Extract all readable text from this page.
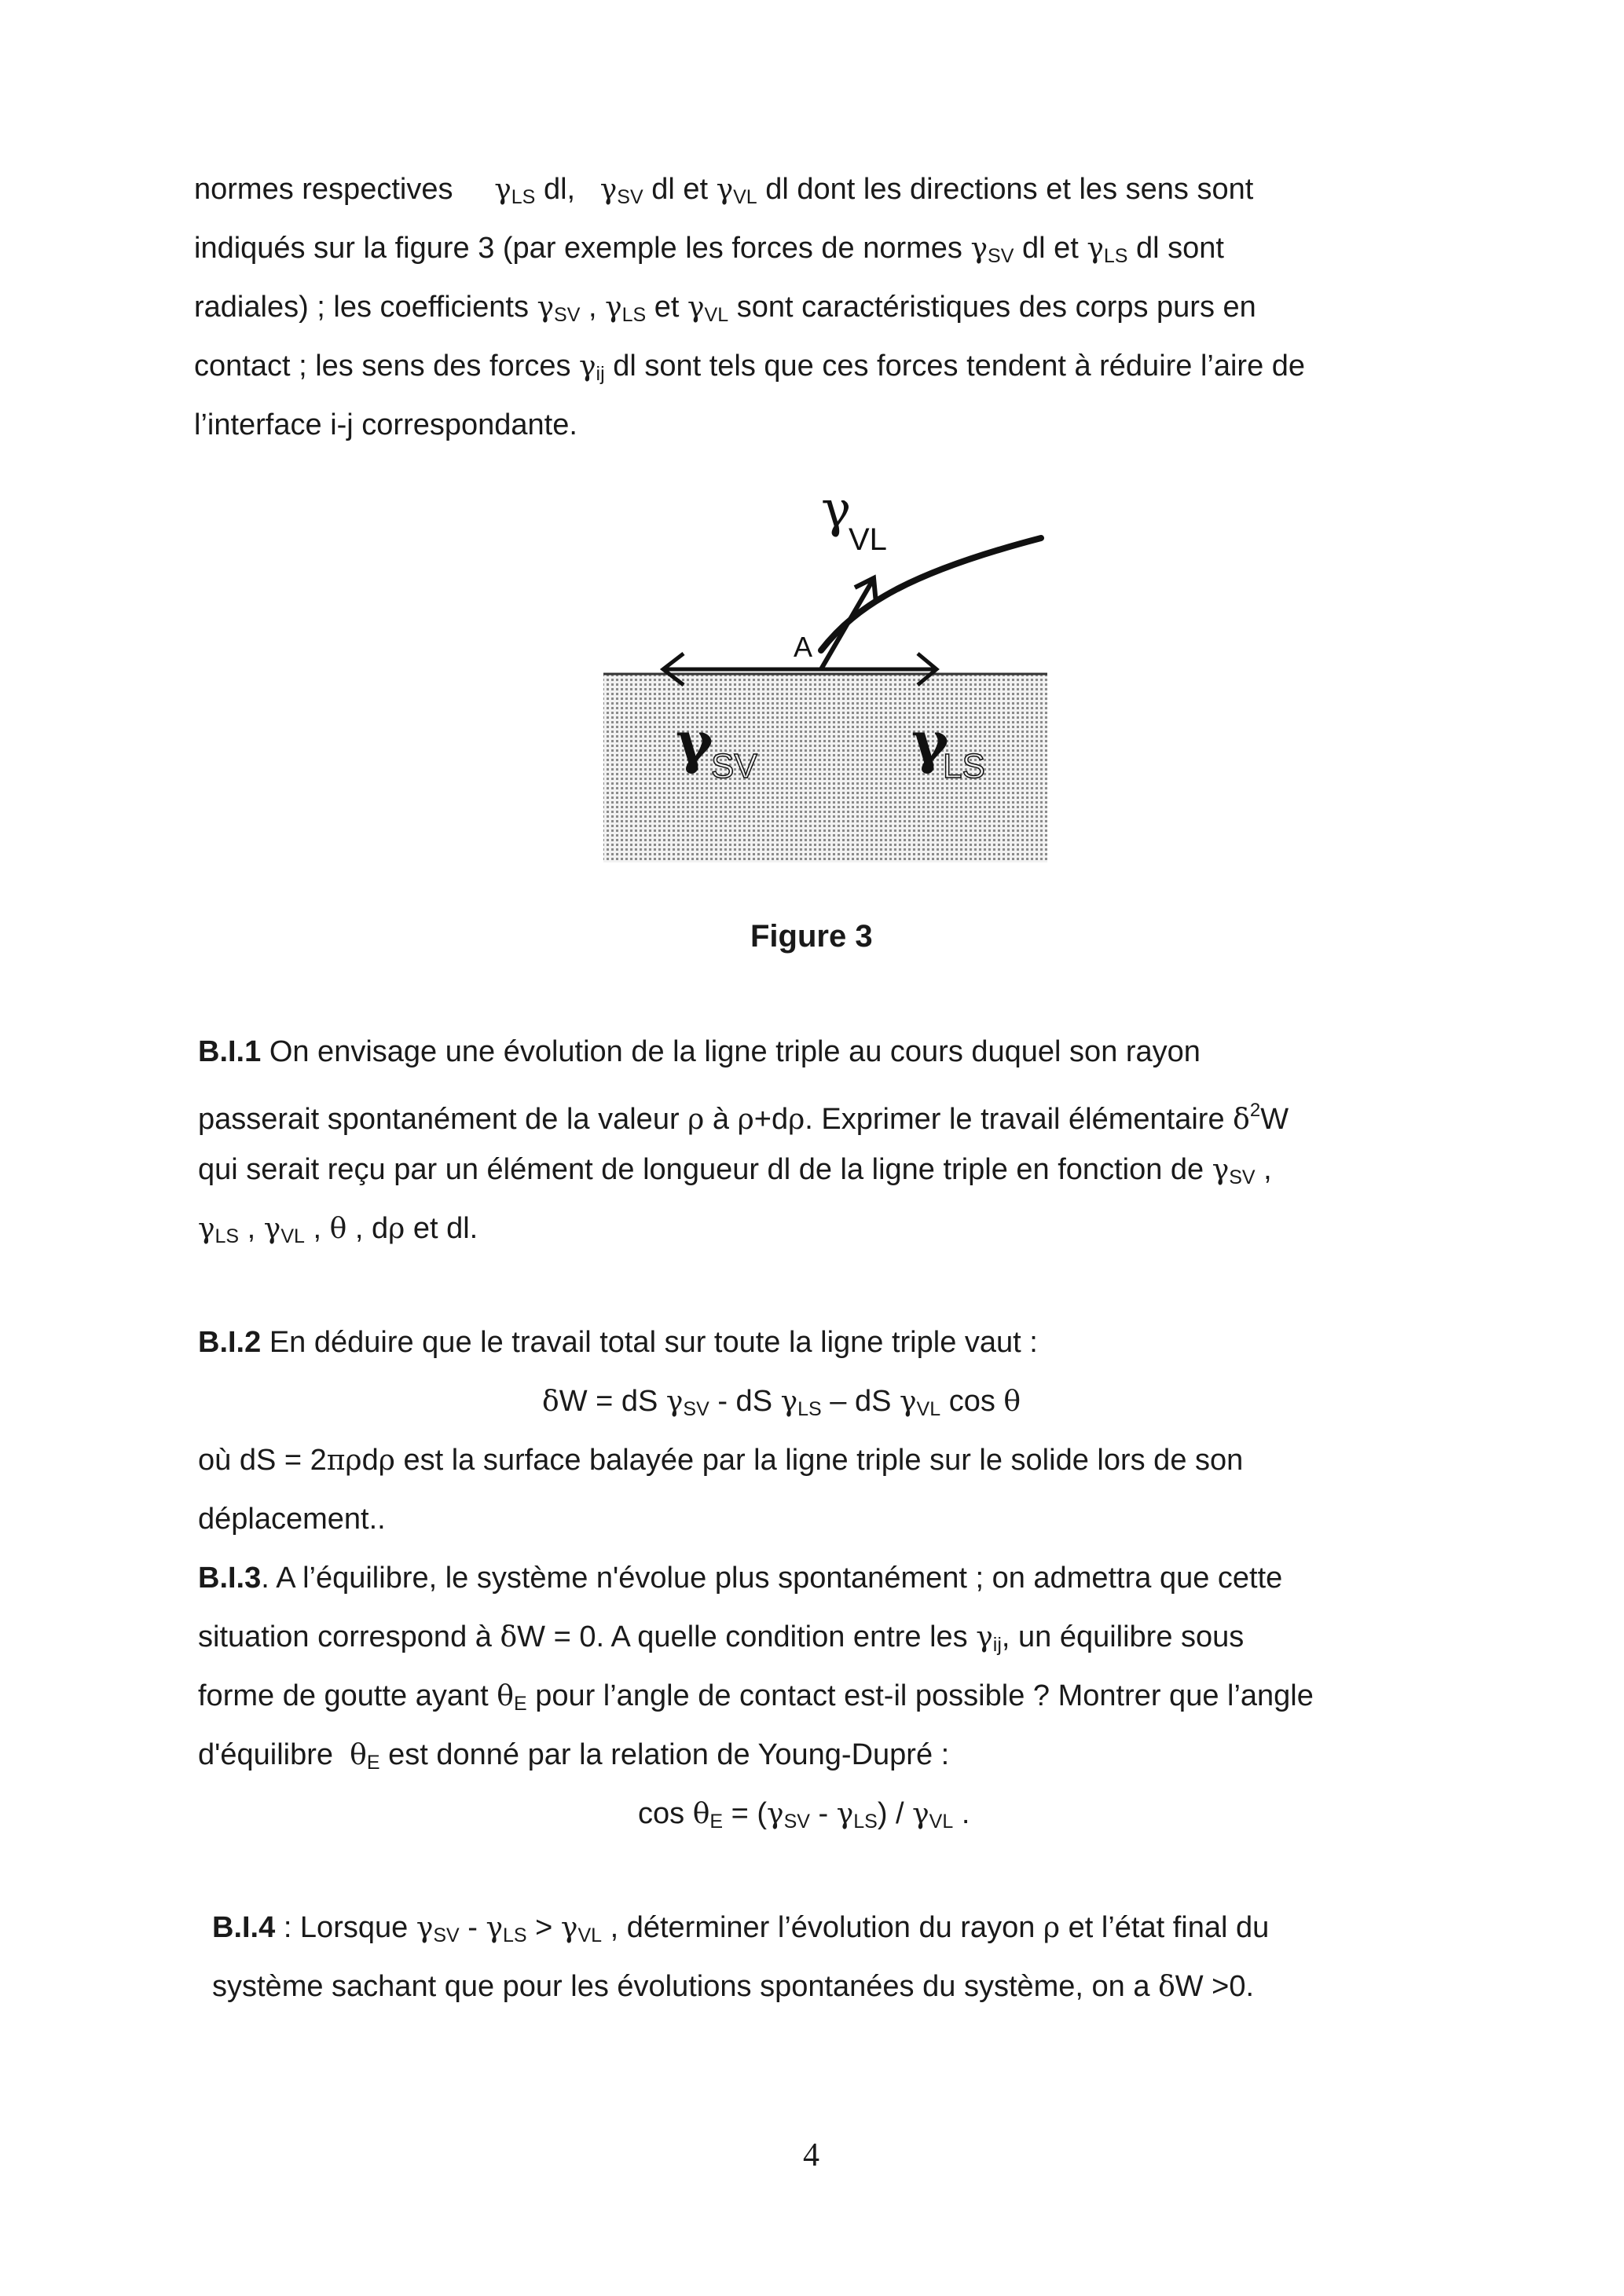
normes respectives $\gamma_{LS}$ dl, $\gamma_{SV}$ dl et $\gamma_{VL}$ dl dont les directions et les sens sont
indiqués sur la figure 3 (par exemple les forces de normes $\gamma_{SV}$ dl et $\gamma_{LS}$ dl sont
radiales) ; les coefficients $\gamma_{SV}$ , $\gamma_{LS}$ et $\gamma_{VL}$ sont caractéristiques des corps purs en
contact ; les sens des forces $\gamma_{ij}$ dl sont tels que ces forces tendent à réduire l’aire de
l’interface i-j correspondante.
γ
VL
A
γ
SV	γ
LS
Figure 3
B.I.1 On envisage une évolution de la ligne triple au cours duquel son rayon
passerait spontanément de la valeur ρ à ρ+dρ. Exprimer le travail élémentaire $\delta^2W$
qui serait reçu par un élément de longueur dl de la ligne triple en fonction de $\gamma_{SV}$ ,
$\gamma_{LS}$ , $\gamma_{VL}$ , θ , dρ et dl.
B.I.2 En déduire que le travail total sur toute la ligne triple vaut :
δW = dS $\gamma_{SV}$ - dS $\gamma_{LS}$ – dS $\gamma_{VL}$ cos θ
où dS = 2πρdρ est la surface balayée par la ligne triple sur le solide lors de son
déplacement..
B.I.3. A l’équilibre, le système n'évolue plus spontanément ; on admettra que cette
situation correspond à δW = 0. A quelle condition entre les $\gamma_{ij}$, un équilibre sous
forme de goutte ayant $\theta_E$ pour l’angle de contact est-il possible ? Montrer que l’angle
d'équilibre $\theta_E$ est donné par la relation de Young-Dupré :
$\cos \theta_E = (\gamma_{SV} - \gamma_{LS}) / \gamma_{VL}$ .
B.I.4 : Lorsque $\gamma_{SV} - \gamma_{LS} > \gamma_{VL}$ , déterminer l’évolution du rayon ρ et l’état final du
système sachant que pour les évolutions spontanées du système, on a δW >0.
4
